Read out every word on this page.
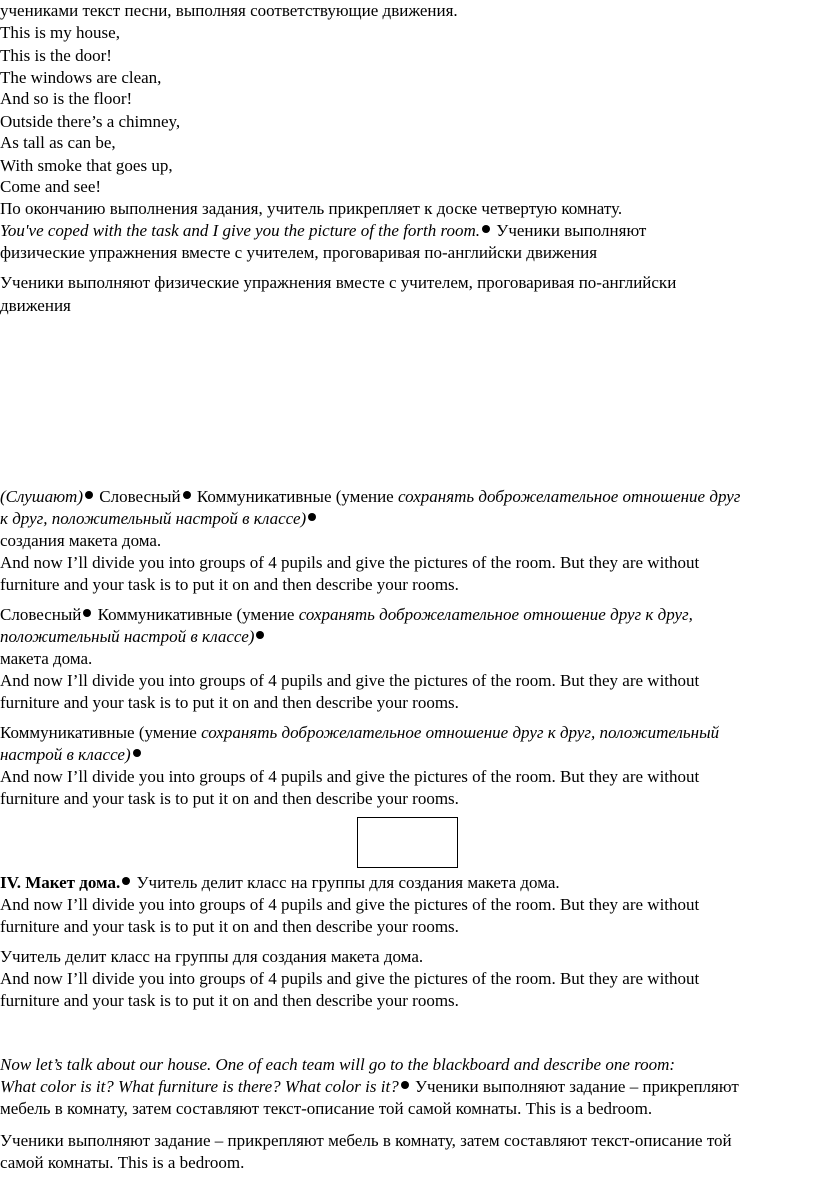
учениками текст песни, выполняя соответствующие движения.
This is my house,
This is the door!
The windows are clean,
And so is the floor!
Outside there’s a chimney,
As tall as can be,
With smoke that goes up,
Come and see!
По окончанию выполнения задания, учитель прикрепляет к доске четвертую комнату.
You've coped with the task and I give you the picture of the forth room. Ученики выполняют
физические упражнения вместе с учителем, проговаривая по-английски движения
Ученики выполняют физические упражнения вместе с учителем, проговаривая по-английски
движения
(Слушают) Словесный Коммуникативные (умение сохранять доброжелательное отношение друг
к друг, положительный настрой в классе)
создания макета дома.
And now I’ll divide you into groups of 4 pupils and give the pictures of the room. But they are without
furniture and your task is to put it on and then describe your rooms.
Словесный Коммуникативные (умение сохранять доброжелательное отношение друг к друг,
положительный настрой в классе)
макета дома.
And now I’ll divide you into groups of 4 pupils and give the pictures of the room. But they are without
furniture and your task is to put it on and then describe your rooms.
Коммуникативные (умение сохранять доброжелательное отношение друг к друг, положительный
настрой в классе)
And now I’ll divide you into groups of 4 pupils and give the pictures of the room. But they are without
furniture and your task is to put it on and then describe your rooms.
IV. Макет дома. Учитель делит класс на группы для создания макета дома.
And now I’ll divide you into groups of 4 pupils and give the pictures of the room. But they are without
furniture and your task is to put it on and then describe your rooms.
Учитель делит класс на группы для создания макета дома.
And now I’ll divide you into groups of 4 pupils and give the pictures of the room. But they are without
furniture and your task is to put it on and then describe your rooms.
Now let’s talk about our house. One of each team will go to the blackboard and describe one room:
What color is it? What furniture is there? What color is it? Ученики выполняют задание – прикрепляют
мебель в комнату, затем составляют текст-описание той самой комнаты. This is a bedroom.
Ученики выполняют задание – прикрепляют мебель в комнату, затем составляют текст-описание той
самой комнаты. This is a bedroom.
